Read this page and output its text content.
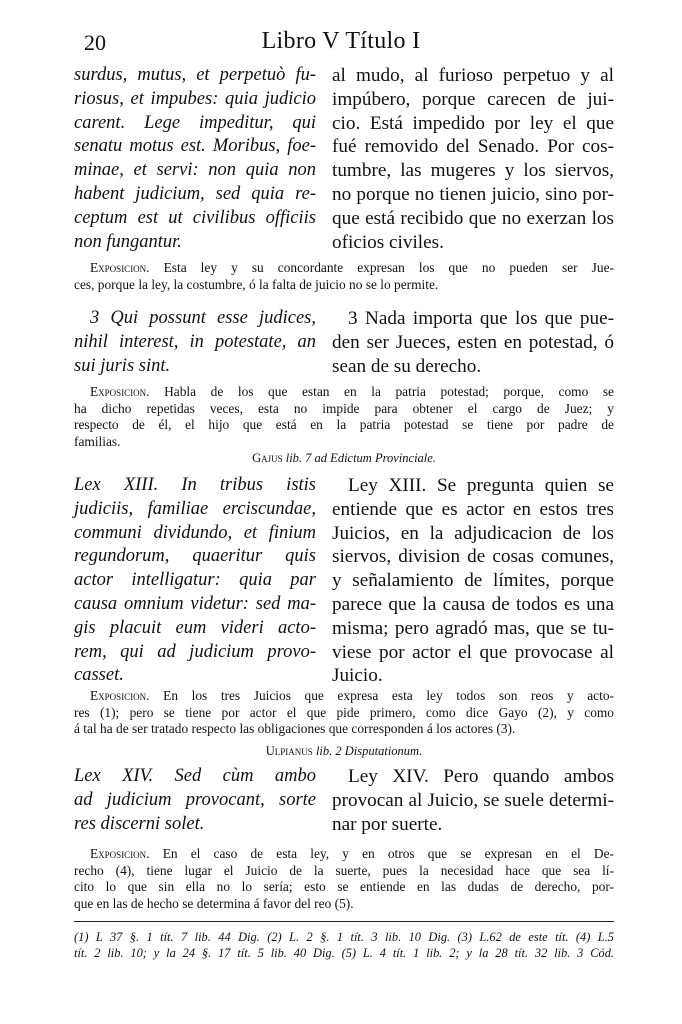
20	Libro V Título I
surdus, mutus, et perpetuò fu-
riosus, et impubes: quia judicio
carent. Lege impeditur, qui
senatu motus est. Moribus, foe-
minae, et servi: non quia non
habent judicium, sed quia re-
ceptum est ut civilibus officiis
non fungantur.
al mudo, al furioso perpetuo y al
impúbero, porque carecen de jui-
cio. Está impedido por ley el que
fué removido del Senado. Por cos-
tumbre, las mugeres y los siervos,
no porque no tienen juicio, sino por-
que está recibido que no exerzan los
oficios civiles.
Exposicion. Esta ley y su concordante expresan los que no pueden ser Jue-
ces, porque la ley, la costumbre, ó la falta de juicio no se lo permite.
3 Qui possunt esse judices,
nihil interest, in potestate, an
sui juris sint.
3 Nada importa que los que pue-
den ser Jueces, esten en potestad, ó
sean de su derecho.
Exposicion. Habla de los que estan en la patria potestad; porque, como se
ha dicho repetidas veces, esta no impide para obtener el cargo de Juez; y
respecto de él, el hijo que está en la patria potestad se tiene por padre de
familias.
Gajus lib. 7 ad Edictum Provinciale.
Lex XIII. In tribus istis
judiciis, familiae erciscundae,
communi dividundo, et finium
regundorum, quaeritur quis
actor intelligatur: quia par
causa omnium videtur: sed ma-
gis placuit eum videri acto-
rem, qui ad judicium provo-
casset.
Ley XIII. Se pregunta quien se
entiende que es actor en estos tres
Juicios, en la adjudicacion de los
siervos, division de cosas comunes,
y señalamiento de límites, porque
parece que la causa de todos es una
misma; pero agradó mas, que se tu-
viese por actor el que provocase al
Juicio.
Exposicion. En los tres Juicios que expresa esta ley todos son reos y acto-
res (1); pero se tiene por actor el que pide primero, como dice Gayo (2), y como
á tal ha de ser tratado respecto las obligaciones que corresponden á los actores (3).
Ulpianus lib. 2 Disputationum.
Lex XIV. Sed cùm ambo
ad judicium provocant, sorte
res discerni solet.
Ley XIV. Pero quando ambos
provocan al Juicio, se suele determi-
nar por suerte.
Exposicion. En el caso de esta ley, y en otros que se expresan en el De-
recho (4), tiene lugar el Juicio de la suerte, pues la necesidad hace que sea lí-
cito lo que sin ella no lo sería; esto se entiende en las dudas de derecho, por-
que en las de hecho se determina á favor del reo (5).
(1) L 37 §. 1 tít. 7 lib. 44 Dig. (2) L. 2 §. 1 tít. 3 lib. 10 Dig. (3) L.62 de este tít. (4) L.5
tít. 2 lib. 10; y la 24 §. 17 tít. 5 lib. 40 Dig. (5) L. 4 tít. 1 lib. 2; y la 28 tít. 32 lib. 3 Cód.
